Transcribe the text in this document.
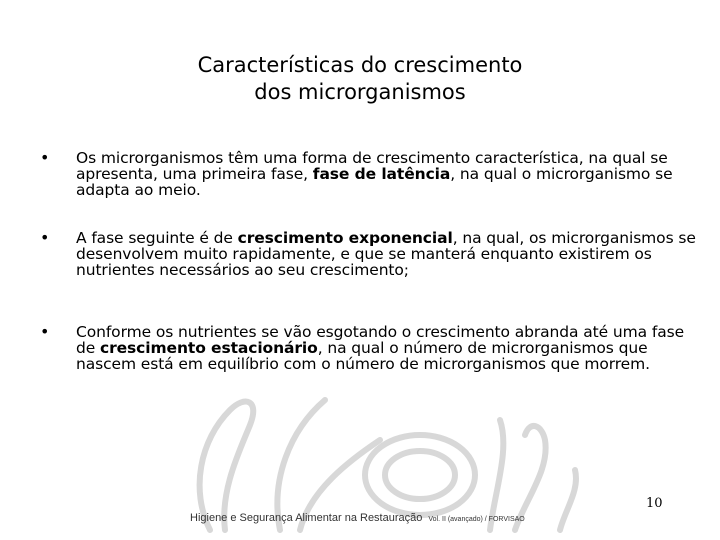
Características do crescimento
dos microrganismos
• Os microrganismos têm uma forma de crescimento característica, na qual se apresenta, uma primeira fase, fase de latência, na qual o microrganismo se adapta ao meio.
• A fase seguinte é de crescimento exponencial, na qual, os microrganismos se desenvolvem muito rapidamente, e que se manterá enquanto existirem os nutrientes necessários ao seu crescimento;
• Conforme os nutrientes se vão esgotando o crescimento abranda até uma fase de crescimento estacionário, na qual o número de microrganismos que nascem está em equilíbrio com o número de microrganismos que morrem.
10
Higiene e Segurança Alimentar na Restauração Vol. II (avançado) / FORVISAO
